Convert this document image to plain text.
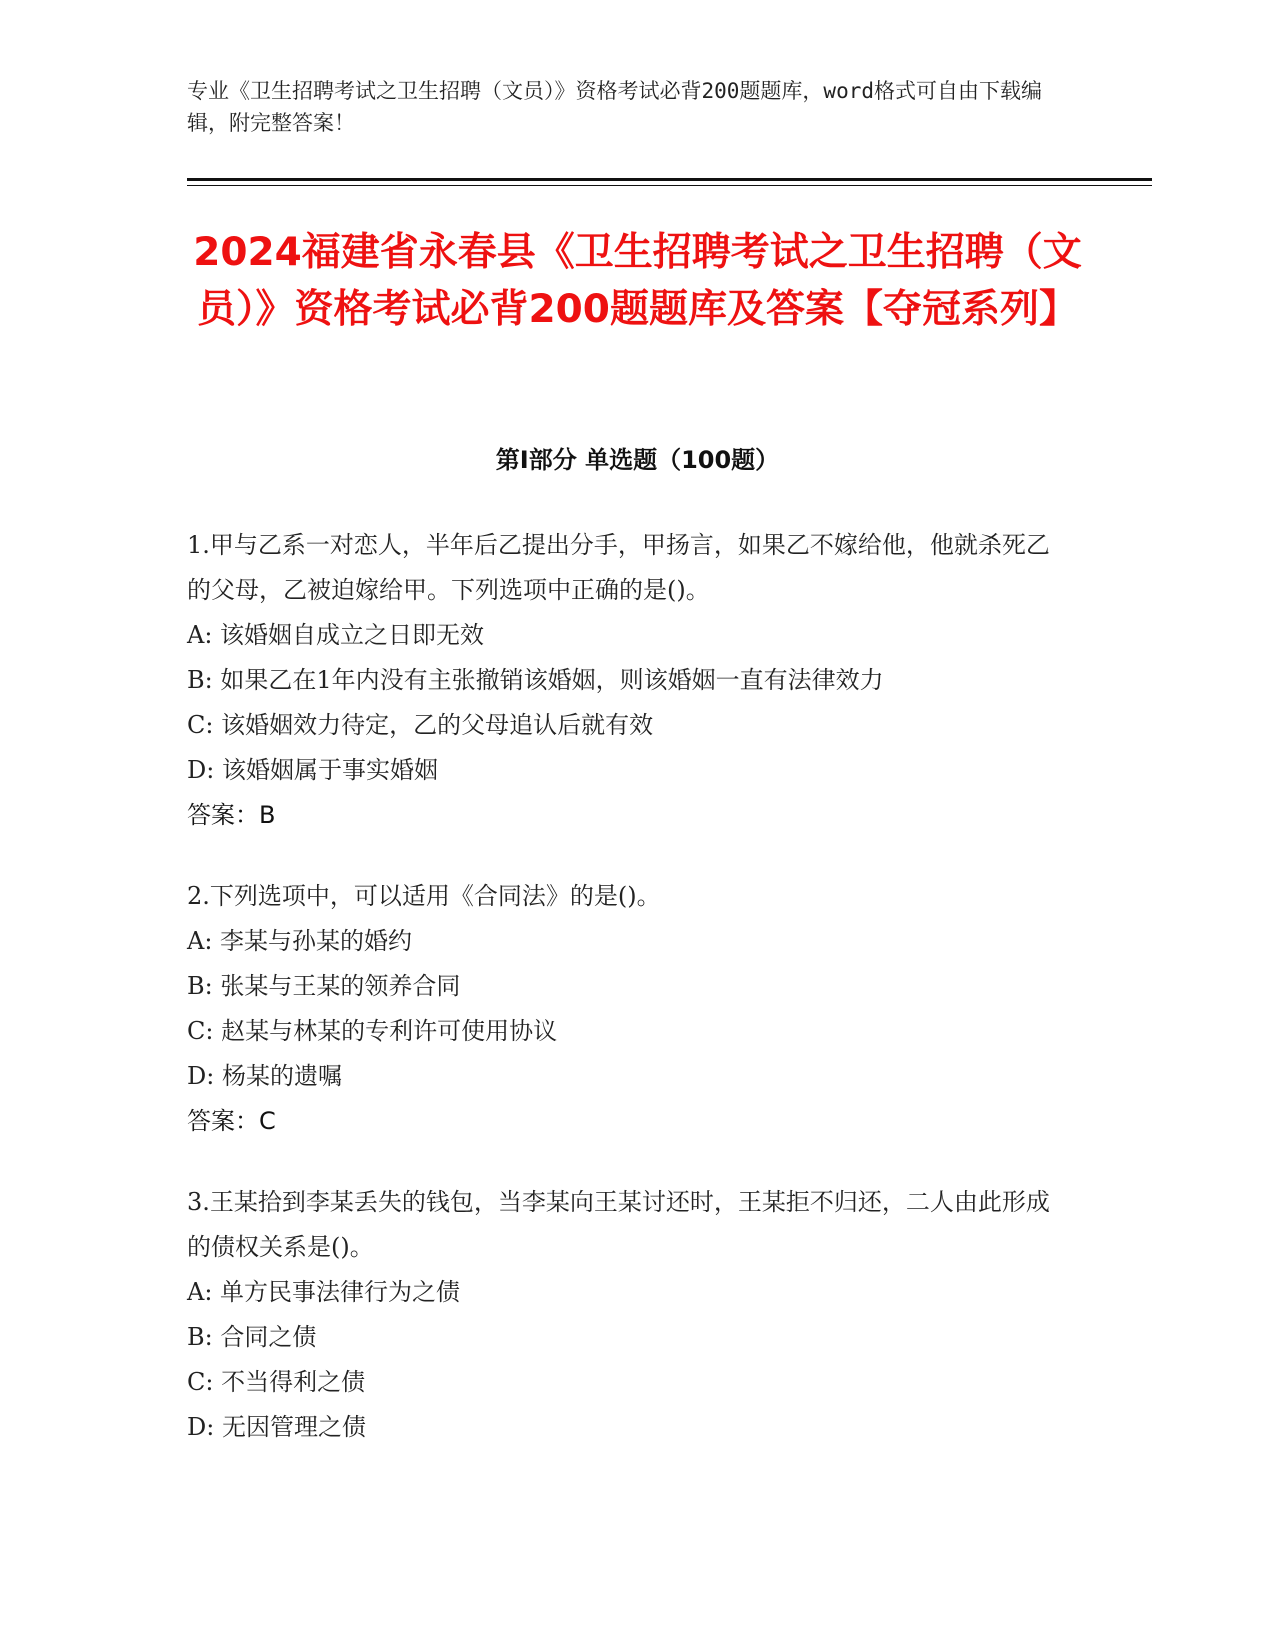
专业《卫生招聘考试之卫生招聘（文员）》资格考试必背200题题库，word格式可自由下载编辑，附完整答案！
2024福建省永春县《卫生招聘考试之卫生招聘（文员）》资格考试必背200题题库及答案【夺冠系列】
第I部分 单选题（100题）

1.甲与乙系一对恋人，半年后乙提出分手，甲扬言，如果乙不嫁给他，他就杀死乙的父母，乙被迫嫁给甲。下列选项中正确的是()。

A: 该婚姻自成立之日即无效

B: 如果乙在1年内没有主张撤销该婚姻，则该婚姻一直有法律效力

C: 该婚姻效力待定，乙的父母追认后就有效

D: 该婚姻属于事实婚姻

答案：B

2.下列选项中，可以适用《合同法》的是()。

A: 李某与孙某的婚约

B: 张某与王某的领养合同

C: 赵某与林某的专利许可使用协议

D: 杨某的遗嘱

答案：C

3.王某拾到李某丢失的钱包，当李某向王某讨还时，王某拒不归还，二人由此形成的债权关系是()。

A: 单方民事法律行为之债

B: 合同之债

C: 不当得利之债

D: 无因管理之债
